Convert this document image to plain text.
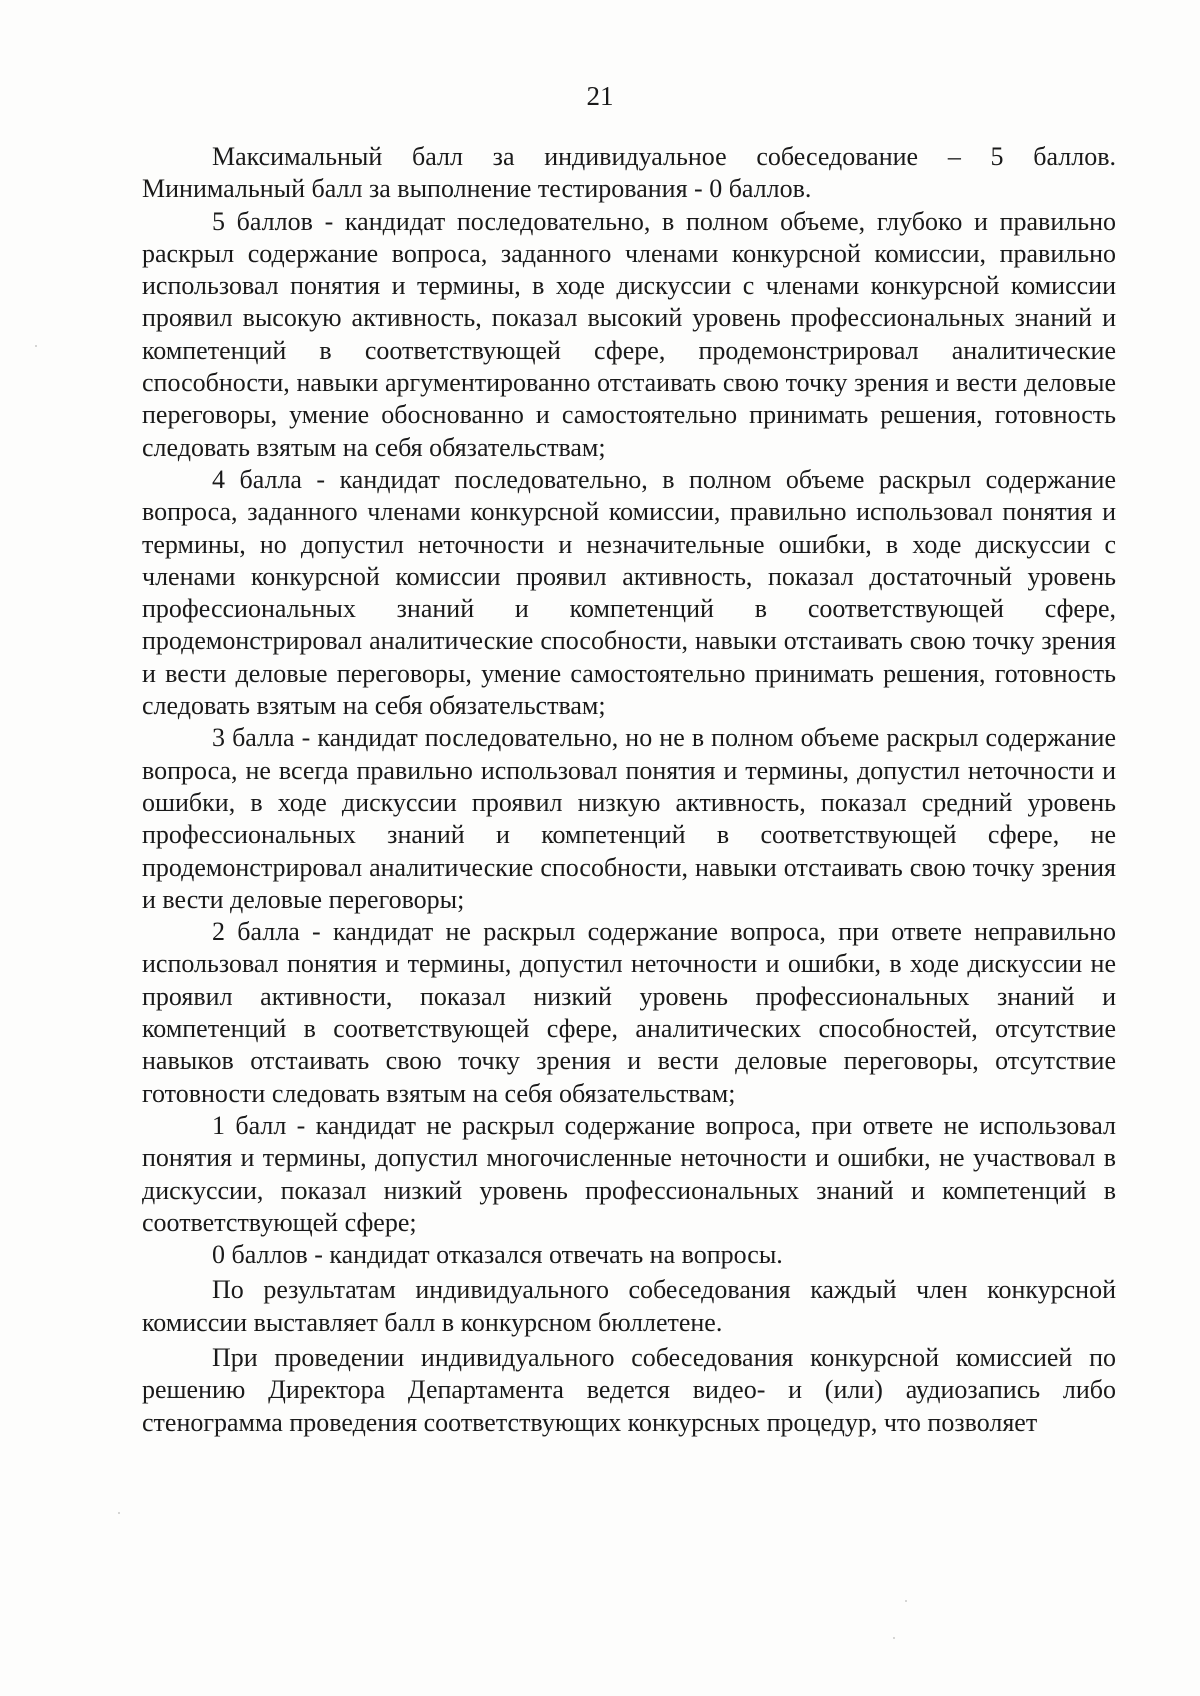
21

Максимальный балл за индивидуальное собеседование – 5 баллов. Минимальный балл за выполнение тестирования - 0 баллов.

5 баллов - кандидат последовательно, в полном объеме, глубоко и правильно раскрыл содержание вопроса, заданного членами конкурсной комиссии, правильно использовал понятия и термины, в ходе дискуссии с членами конкурсной комиссии проявил высокую активность, показал высокий уровень профессиональных знаний и компетенций в соответствующей сфере, продемонстрировал аналитические способности, навыки аргументированно отстаивать свою точку зрения и вести деловые переговоры, умение обоснованно и самостоятельно принимать решения, готовность следовать взятым на себя обязательствам;

4 балла - кандидат последовательно, в полном объеме раскрыл содержание вопроса, заданного членами конкурсной комиссии, правильно использовал понятия и термины, но допустил неточности и незначительные ошибки, в ходе дискуссии с членами конкурсной комиссии проявил активность, показал достаточный уровень профессиональных знаний и компетенций в соответствующей сфере, продемонстрировал аналитические способности, навыки отстаивать свою точку зрения и вести деловые переговоры, умение самостоятельно принимать решения, готовность следовать взятым на себя обязательствам;

3 балла - кандидат последовательно, но не в полном объеме раскрыл содержание вопроса, не всегда правильно использовал понятия и термины, допустил неточности и ошибки, в ходе дискуссии проявил низкую активность, показал средний уровень профессиональных знаний и компетенций в соответствующей сфере, не продемонстрировал аналитические способности, навыки отстаивать свою точку зрения и вести деловые переговоры;

2 балла - кандидат не раскрыл содержание вопроса, при ответе неправильно использовал понятия и термины, допустил неточности и ошибки, в ходе дискуссии не проявил активности, показал низкий уровень профессиональных знаний и компетенций в соответствующей сфере, аналитических способностей, отсутствие навыков отстаивать свою точку зрения и вести деловые переговоры, отсутствие готовности следовать взятым на себя обязательствам;

1 балл - кандидат не раскрыл содержание вопроса, при ответе не использовал понятия и термины, допустил многочисленные неточности и ошибки, не участвовал в дискуссии, показал низкий уровень профессиональных знаний и компетенций в соответствующей сфере;

0 баллов - кандидат отказался отвечать на вопросы.

По результатам индивидуального собеседования каждый член конкурсной комиссии выставляет балл в конкурсном бюллетене.

При проведении индивидуального собеседования конкурсной комиссией по решению Директора Департамента ведется видео- и (или) аудиозапись либо стенограмма проведения соответствующих конкурсных процедур, что позволяет
